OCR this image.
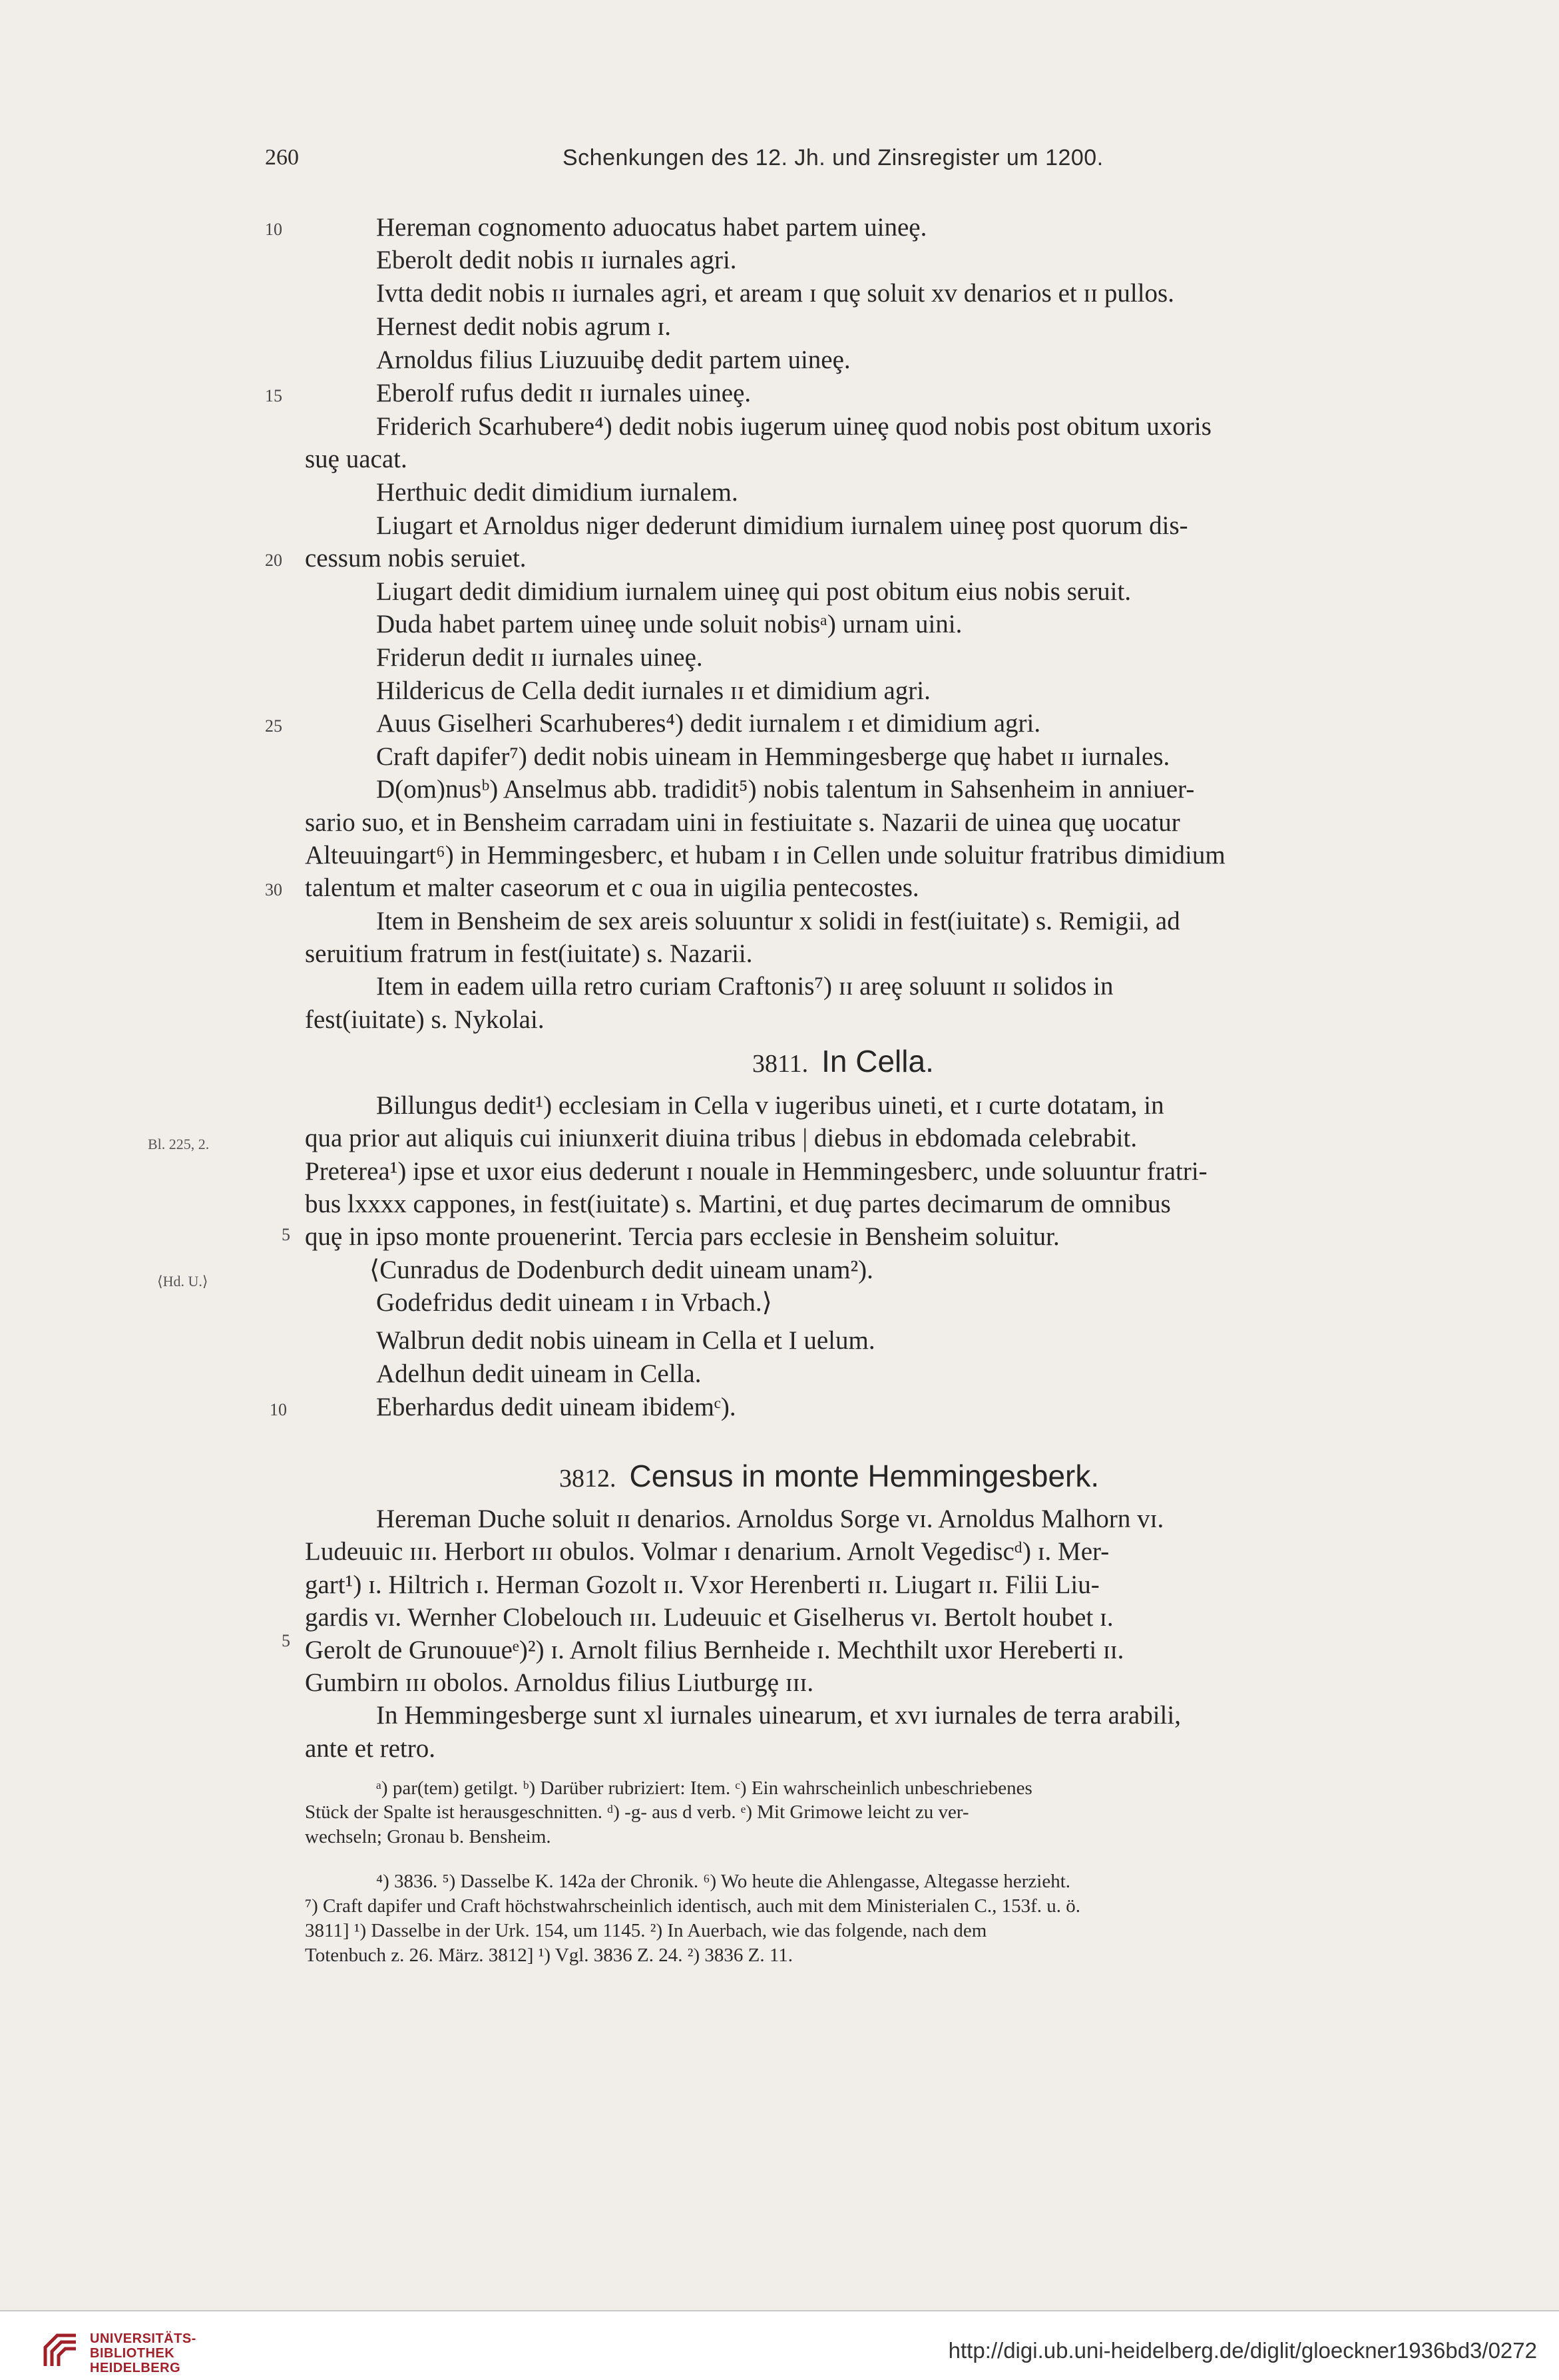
260	Schenkungen des 12. Jh. und Zinsregister um 1200.
10
15
20
25
30
5
10
5
Bl. 225, 2.
⟨Hd. U.⟩
Hereman cognomento aduocatus habet partem uineȩ.
Eberolt dedit nobis ɪɪ iurnales agri.
Ivtta dedit nobis ɪɪ iurnales agri, et aream ɪ quȩ soluit xv denarios et ɪɪ pullos.
Hernest dedit nobis agrum ɪ.
Arnoldus filius Liuzuuibȩ dedit partem uineȩ.
Eberolf rufus dedit ɪɪ iurnales uineȩ.
Friderich Scarhubere⁴) dedit nobis iugerum uineȩ quod nobis post obitum uxoris
suȩ uacat.
Herthuic dedit dimidium iurnalem.
Liugart et Arnoldus niger dederunt dimidium iurnalem uineȩ post quorum dis-
cessum nobis seruiet.
Liugart dedit dimidium iurnalem uineȩ qui post obitum eius nobis seruit.
Duda habet partem uineȩ unde soluit nobisᵃ) urnam uini.
Friderun dedit ɪɪ iurnales uineȩ.
Hildericus de Cella dedit iurnales ɪɪ et dimidium agri.
Auus Giselheri Scarhuberes⁴) dedit iurnalem ɪ et dimidium agri.
Craft dapifer⁷) dedit nobis uineam in Hemmingesberge quȩ habet ɪɪ iurnales.
D(om)nusᵇ) Anselmus abb. tradidit⁵) nobis talentum in Sahsenheim in anniuer-
sario suo, et in Bensheim carradam uini in festiuitate s. Nazarii de uinea quȩ uocatur
Alteuuingart⁶) in Hemmingesberc, et hubam ɪ in Cellen unde soluitur fratribus dimidium
talentum et malter caseorum et c oua in uigilia pentecostes.
Item in Bensheim de sex areis soluuntur x solidi in fest(iuitate) s. Remigii, ad
seruitium fratrum in fest(iuitate) s. Nazarii.
Item in eadem uilla retro curiam Craftonis⁷) ɪɪ areȩ soluunt ɪɪ solidos in
fest(iuitate) s. Nykolai.
3811. In Cella.
Billungus dedit¹) ecclesiam in Cella v iugeribus uineti, et ɪ curte dotatam, in
qua prior aut aliquis cui iniunxerit diuina tribus | diebus in ebdomada celebrabit.
Preterea¹) ipse et uxor eius dederunt ɪ nouale in Hemmingesberc, unde soluuntur fratri-
bus lxxxx cappones, in fest(iuitate) s. Martini, et duȩ partes decimarum de omnibus
quȩ in ipso monte prouenerint. Tercia pars ecclesie in Bensheim soluitur.
⟨Cunradus de Dodenburch dedit uineam unam²).
Godefridus dedit uineam ɪ in Vrbach.⟩
Walbrun dedit nobis uineam in Cella et I uelum.
Adelhun dedit uineam in Cella.
Eberhardus dedit uineam ibidemᶜ).
3812. Census in monte Hemmingesberk.
Hereman Duche soluit ɪɪ denarios. Arnoldus Sorge vɪ. Arnoldus Malhorn vɪ.
Ludeuuic ɪɪɪ. Herbort ɪɪɪ obulos. Volmar ɪ denarium. Arnolt Vegediscᵈ) ɪ. Mer-
gart¹) ɪ. Hiltrich ɪ. Herman Gozolt ɪɪ. Vxor Herenberti ɪɪ. Liugart ɪɪ. Filii Liu-
gardis vɪ. Wernher Clobelouch ɪɪɪ. Ludeuuic et Giselherus vɪ. Bertolt houbet ɪ.
Gerolt de Grunouueᵉ)²) ɪ. Arnolt filius Bernheide ɪ. Mechthilt uxor Hereberti ɪɪ.
Gumbirn ɪɪɪ obolos. Arnoldus filius Liutburgȩ ɪɪɪ.
In Hemmingesberge sunt xl iurnales uinearum, et xvɪ iurnales de terra arabili,
ante et retro.
ᵃ) par(tem) getilgt. ᵇ) Darüber rubriziert: Item. ᶜ) Ein wahrscheinlich unbeschriebenes
Stück der Spalte ist herausgeschnitten. ᵈ) -g- aus d verb. ᵉ) Mit Grimowe leicht zu ver-
wechseln; Gronau b. Bensheim.
⁴) 3836. ⁵) Dasselbe K. 142a der Chronik. ⁶) Wo heute die Ahlengasse, Altegasse herzieht.
⁷) Craft dapifer und Craft höchstwahrscheinlich identisch, auch mit dem Ministerialen C., 153f. u. ö.
3811] ¹) Dasselbe in der Urk. 154, um 1145. ²) In Auerbach, wie das folgende, nach dem
Totenbuch z. 26. März. 3812] ¹) Vgl. 3836 Z. 24. ²) 3836 Z. 11.
UNIVERSITÄTS-
BIBLIOTHEK
HEIDELBERG
http://digi.ub.uni-heidelberg.de/diglit/gloeckner1936bd3/0272
